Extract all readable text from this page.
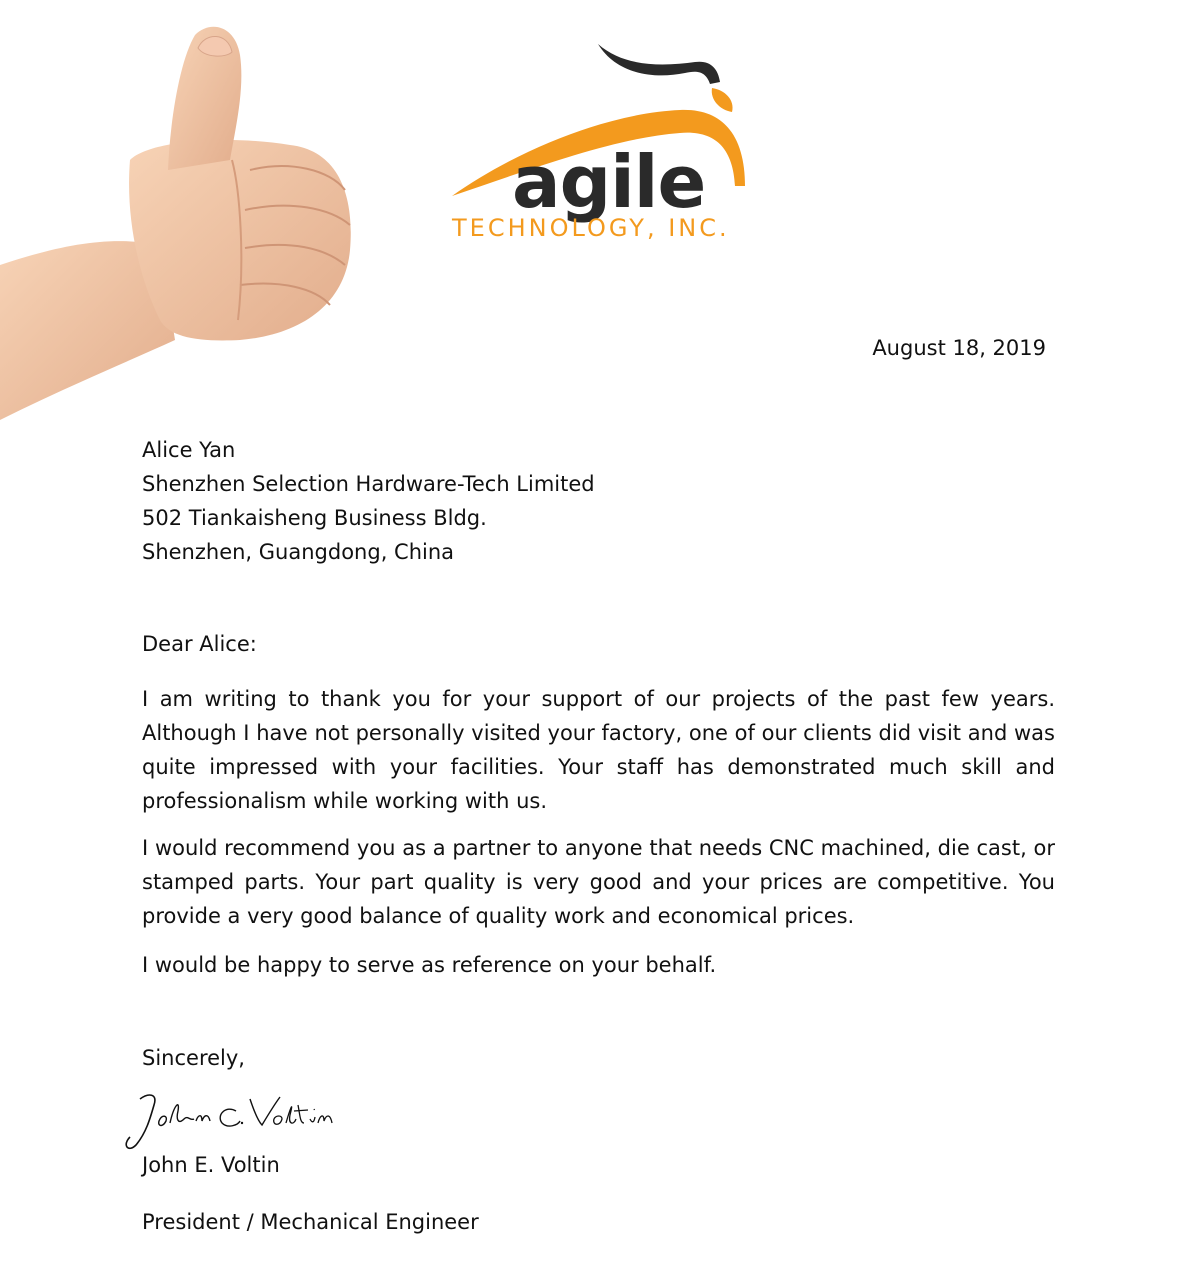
agile
TECHNOLOGY, INC.
August 18, 2019
Alice Yan
Shenzhen Selection Hardware-Tech Limited
502 Tiankaisheng Business Bldg.
Shenzhen, Guangdong, China
Dear Alice:
I am writing to thank you for your support of our projects of the past few years. Although I have not personally visited your factory, one of our clients did visit and was quite impressed with your facilities. Your staff has demonstrated much skill and professionalism while working with us.
I would recommend you as a partner to anyone that needs CNC machined, die cast, or stamped parts. Your part quality is very good and your prices are competitive. You provide a very good balance of quality work and economical prices.
I would be happy to serve as reference on your behalf.
Sincerely,
John E. Voltin
President / Mechanical Engineer
